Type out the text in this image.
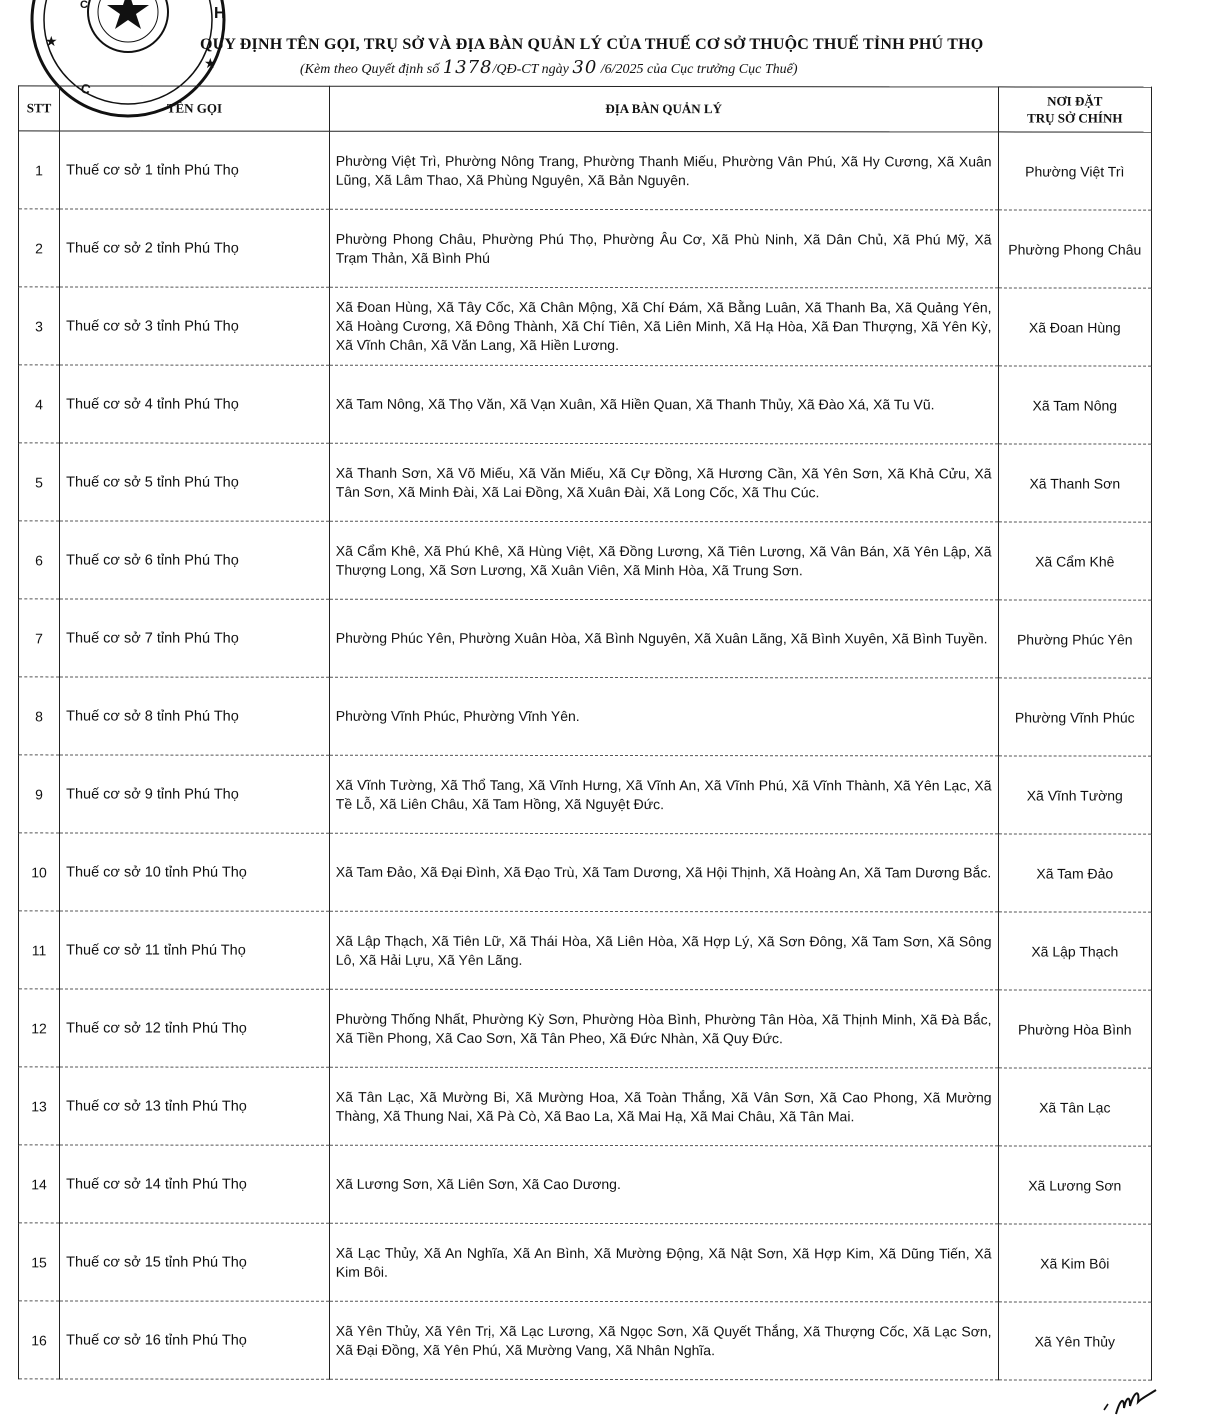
★
★
H
C
C
QUY ĐỊNH TÊN GỌI, TRỤ SỞ VÀ ĐỊA BÀN QUẢN LÝ CỦA THUẾ CƠ SỞ THUỘC THUẾ TỈNH PHÚ THỌ
(Kèm theo Quyết định số 1378/QĐ-CT ngày 30 /6/2025 của Cục trưởng Cục Thuế)
STT	TÊN GỌI	ĐỊA BÀN QUẢN LÝ	NƠI ĐẶT
TRỤ SỞ CHÍNH
1	Thuế cơ sở 1 tỉnh Phú Thọ	Phường Việt Trì, Phường Nông Trang, Phường Thanh Miếu, Phường Vân Phú, Xã Hy Cương, Xã Xuân Lũng, Xã Lâm Thao, Xã Phùng Nguyên, Xã Bản Nguyên.	Phường Việt Trì
2	Thuế cơ sở 2 tỉnh Phú Thọ	Phường Phong Châu, Phường Phú Thọ, Phường Âu Cơ, Xã Phù Ninh, Xã Dân Chủ, Xã Phú Mỹ, Xã Trạm Thản, Xã Bình Phú	Phường Phong Châu
3	Thuế cơ sở 3 tỉnh Phú Thọ	Xã Đoan Hùng, Xã Tây Cốc, Xã Chân Mộng, Xã Chí Đám, Xã Bằng Luân, Xã Thanh Ba, Xã Quảng Yên, Xã Hoàng Cương, Xã Đông Thành, Xã Chí Tiên, Xã Liên Minh, Xã Hạ Hòa, Xã Đan Thượng, Xã Yên Kỳ, Xã Vĩnh Chân, Xã Văn Lang, Xã Hiền Lương.	Xã Đoan Hùng
4	Thuế cơ sở 4 tỉnh Phú Thọ	Xã Tam Nông, Xã Thọ Văn, Xã Vạn Xuân, Xã Hiền Quan, Xã Thanh Thủy, Xã Đào Xá, Xã Tu Vũ.	Xã Tam Nông
5	Thuế cơ sở 5 tỉnh Phú Thọ	Xã Thanh Sơn, Xã Võ Miếu, Xã Văn Miếu, Xã Cự Đồng, Xã Hương Cần, Xã Yên Sơn, Xã Khả Cửu, Xã Tân Sơn, Xã Minh Đài, Xã Lai Đồng, Xã Xuân Đài, Xã Long Cốc, Xã Thu Cúc.	Xã Thanh Sơn
6	Thuế cơ sở 6 tỉnh Phú Thọ	Xã Cẩm Khê, Xã Phú Khê, Xã Hùng Việt, Xã Đồng Lương, Xã Tiên Lương, Xã Vân Bán, Xã Yên Lập, Xã Thượng Long, Xã Sơn Lương, Xã Xuân Viên, Xã Minh Hòa, Xã Trung Sơn.	Xã Cẩm Khê
7	Thuế cơ sở 7 tỉnh Phú Thọ	Phường Phúc Yên, Phường Xuân Hòa, Xã Bình Nguyên, Xã Xuân Lãng, Xã Bình Xuyên, Xã Bình Tuyền.	Phường Phúc Yên
8	Thuế cơ sở 8 tỉnh Phú Thọ	Phường Vĩnh Phúc, Phường Vĩnh Yên.	Phường Vĩnh Phúc
9	Thuế cơ sở 9 tỉnh Phú Thọ	Xã Vĩnh Tường, Xã Thổ Tang, Xã Vĩnh Hưng, Xã Vĩnh An, Xã Vĩnh Phú, Xã Vĩnh Thành, Xã Yên Lạc, Xã Tề Lỗ, Xã Liên Châu, Xã Tam Hồng, Xã Nguyệt Đức.	Xã Vĩnh Tường
10	Thuế cơ sở 10 tỉnh Phú Thọ	Xã Tam Đảo, Xã Đại Đình, Xã Đạo Trù, Xã Tam Dương, Xã Hội Thịnh, Xã Hoàng An, Xã Tam Dương Bắc.	Xã Tam Đảo
11	Thuế cơ sở 11 tỉnh Phú Thọ	Xã Lập Thạch, Xã Tiên Lữ, Xã Thái Hòa, Xã Liên Hòa, Xã Hợp Lý, Xã Sơn Đông, Xã Tam Sơn, Xã Sông Lô, Xã Hải Lựu, Xã Yên Lãng.	Xã Lập Thạch
12	Thuế cơ sở 12 tỉnh Phú Thọ	Phường Thống Nhất, Phường Kỳ Sơn, Phường Hòa Bình, Phường Tân Hòa, Xã Thịnh Minh, Xã Đà Bắc, Xã Tiền Phong, Xã Cao Sơn, Xã Tân Pheo, Xã Đức Nhàn, Xã Quy Đức.	Phường Hòa Bình
13	Thuế cơ sở 13 tỉnh Phú Thọ	Xã Tân Lạc, Xã Mường Bi, Xã Mường Hoa, Xã Toàn Thắng, Xã Vân Sơn, Xã Cao Phong, Xã Mường Thàng, Xã Thung Nai, Xã Pà Cò, Xã Bao La, Xã Mai Hạ, Xã Mai Châu, Xã Tân Mai.	Xã Tân Lạc
14	Thuế cơ sở 14 tỉnh Phú Thọ	Xã Lương Sơn, Xã Liên Sơn, Xã Cao Dương.	Xã Lương Sơn
15	Thuế cơ sở 15 tỉnh Phú Thọ	Xã Lạc Thủy, Xã An Nghĩa, Xã An Bình, Xã Mường Động, Xã Nật Sơn, Xã Hợp Kim, Xã Dũng Tiến, Xã Kim Bôi.	Xã Kim Bôi
16	Thuế cơ sở 16 tỉnh Phú Thọ	Xã Yên Thủy, Xã Yên Trị, Xã Lạc Lương, Xã Ngọc Sơn, Xã Quyết Thắng, Xã Thượng Cốc, Xã Lạc Sơn, Xã Đại Đồng, Xã Yên Phú, Xã Mường Vang, Xã Nhân Nghĩa.	Xã Yên Thủy
